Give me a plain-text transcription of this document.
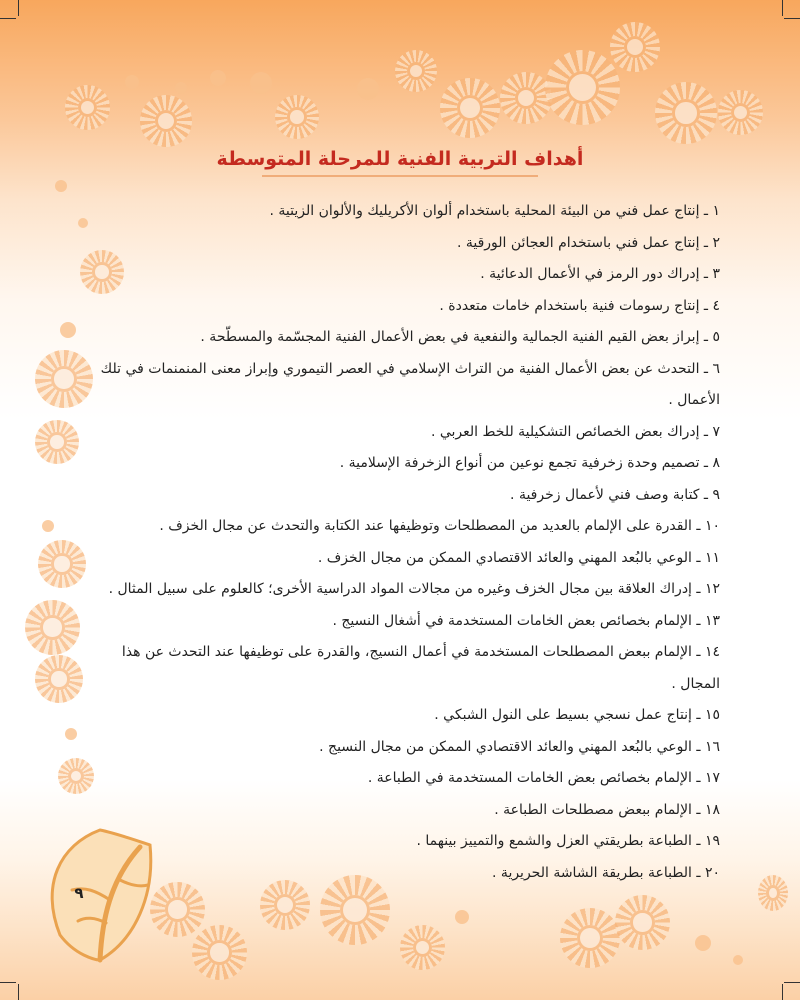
أهداف التربية الفنية للمرحلة المتوسطة
١ ـ إنتاج عمل فني من البيئة المحلية باستخدام ألوان الأكريليك والألوان الزيتية .
٢ ـ إنتاج عمل فني باستخدام العجائن الورقية .
٣ ـ إدراك دور الرمز في الأعمال الدعائية .
٤ ـ إنتاج رسومات فنية باستخدام خامات متعددة .
٥ ـ إبراز بعض القيم الفنية الجمالية والنفعية في بعض الأعمال الفنية المجسّمة والمسطّحة .
٦ ـ التحدث عن بعض الأعمال الفنية من التراث الإسلامي في العصر التيموري وإبراز معنى المنمنمات في تلك الأعمال .
٧ ـ إدراك بعض الخصائص التشكيلية للخط العربي .
٨ ـ تصميم وحدة زخرفية تجمع نوعين من أنواع الزخرفة الإسلامية .
٩ ـ كتابة وصف فني لأعمال زخرفية .
١٠ ـ القدرة على الإلمام بالعديد من المصطلحات وتوظيفها عند الكتابة والتحدث عن مجال الخزف .
١١ ـ الوعي بالبُعد المهني والعائد الاقتصادي الممكن من مجال الخزف .
١٢ ـ إدراك العلاقة بين مجال الخزف وغيره من مجالات المواد الدراسية الأخرى؛ كالعلوم على سبيل المثال .
١٣ ـ الإلمام بخصائص بعض الخامات المستخدمة في أشغال النسيج .
١٤ ـ الإلمام ببعض المصطلحات المستخدمة في أعمال النسيج، والقدرة على توظيفها عند التحدث عن هذا المجال .
١٥ ـ إنتاج عمل نسجي بسيط على النول الشبكي .
١٦ ـ الوعي بالبُعد المهني والعائد الاقتصادي الممكن من مجال النسيج .
١٧ ـ الإلمام بخصائص بعض الخامات المستخدمة في الطباعة .
١٨ ـ الإلمام ببعض مصطلحات الطباعة .
١٩ ـ الطباعة بطريقتي العزل والشمع والتمييز بينهما .
٢٠ ـ الطباعة بطريقة الشاشة الحريرية .
٩
